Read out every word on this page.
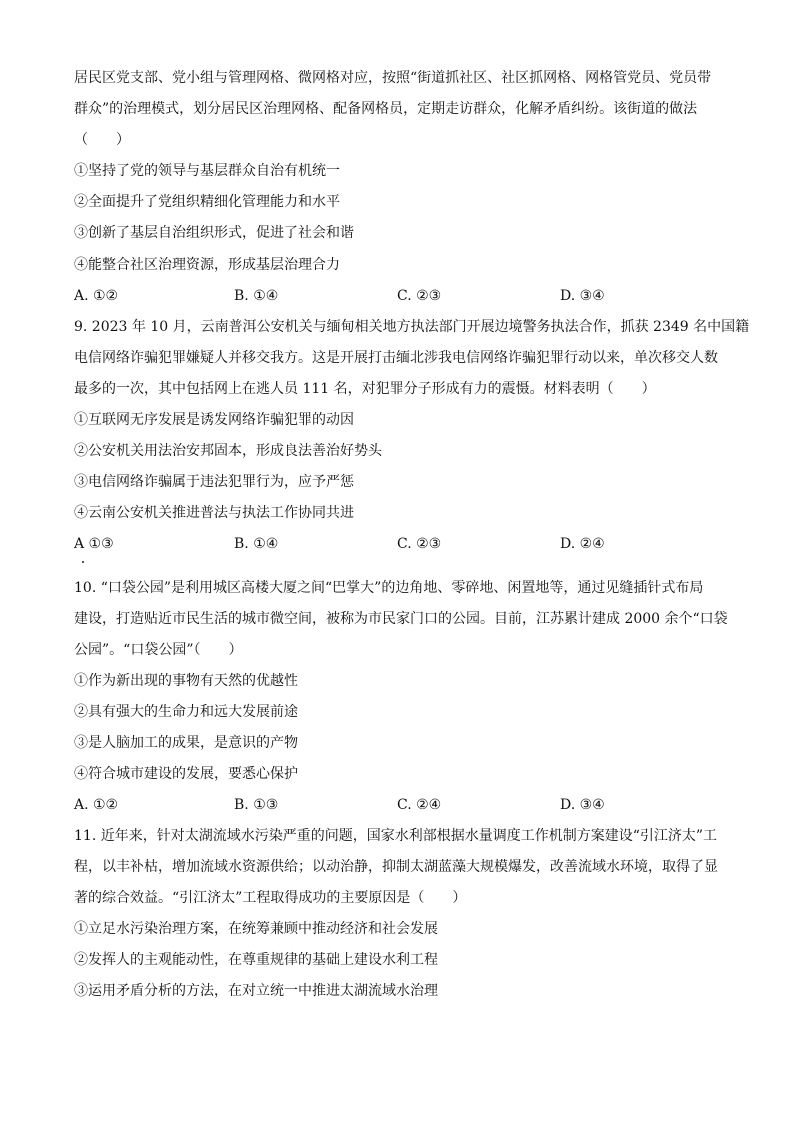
居民区党支部、党小组与管理网格、微网格对应，按照“街道抓社区、社区抓网格、网格管党员、党员带
群众”的治理模式，划分居民区治理网格、配备网格员，定期走访群众，化解矛盾纠纷。该街道的做法
（　　）
①坚持了党的领导与基层群众自治有机统一
②全面提升了党组织精细化管理能力和水平
③创新了基层自治组织形式，促进了社会和谐
④能整合社区治理资源，形成基层治理合力
A. ①②	B. ①④	C. ②③	D. ③④
9. 2023 年 10 月，云南普洱公安机关与缅甸相关地方执法部门开展边境警务执法合作，抓获 2349 名中国籍
电信网络诈骗犯罪嫌疑人并移交我方。这是开展打击缅北涉我电信网络诈骗犯罪行动以来，单次移交人数
最多的一次，其中包括网上在逃人员 111 名，对犯罪分子形成有力的震慑。材料表明（　　）
①互联网无序发展是诱发网络诈骗犯罪的动因
②公安机关用法治安邦固本，形成良法善治好势头
③电信网络诈骗属于违法犯罪行为，应予严惩
④云南公安机关推进普法与执法工作协同共进
A ①③	B. ①④	C. ②③	D. ②④
10. “口袋公园”是利用城区高楼大厦之间“巴掌大”的边角地、零碎地、闲置地等，通过见缝插针式布局
建设，打造贴近市民生活的城市微空间，被称为市民家门口的公园。目前，江苏累计建成 2000 余个“口袋
公园”。“口袋公园”（　　）
①作为新出现的事物有天然的优越性
②具有强大的生命力和远大发展前途
③是人脑加工的成果，是意识的产物
④符合城市建设的发展，要悉心保护
A. ①②	B. ①③	C. ②④	D. ③④
11. 近年来，针对太湖流域水污染严重的问题，国家水利部根据水量调度工作机制方案建设“引江济太”工
程，以丰补枯，增加流域水资源供给；以动治静，抑制太湖蓝藻大规模爆发，改善流域水环境，取得了显
著的综合效益。“引江济太”工程取得成功的主要原因是（　　）
①立足水污染治理方案，在统筹兼顾中推动经济和社会发展
②发挥人的主观能动性，在尊重规律的基础上建设水利工程
③运用矛盾分析的方法，在对立统一中推进太湖流域水治理
